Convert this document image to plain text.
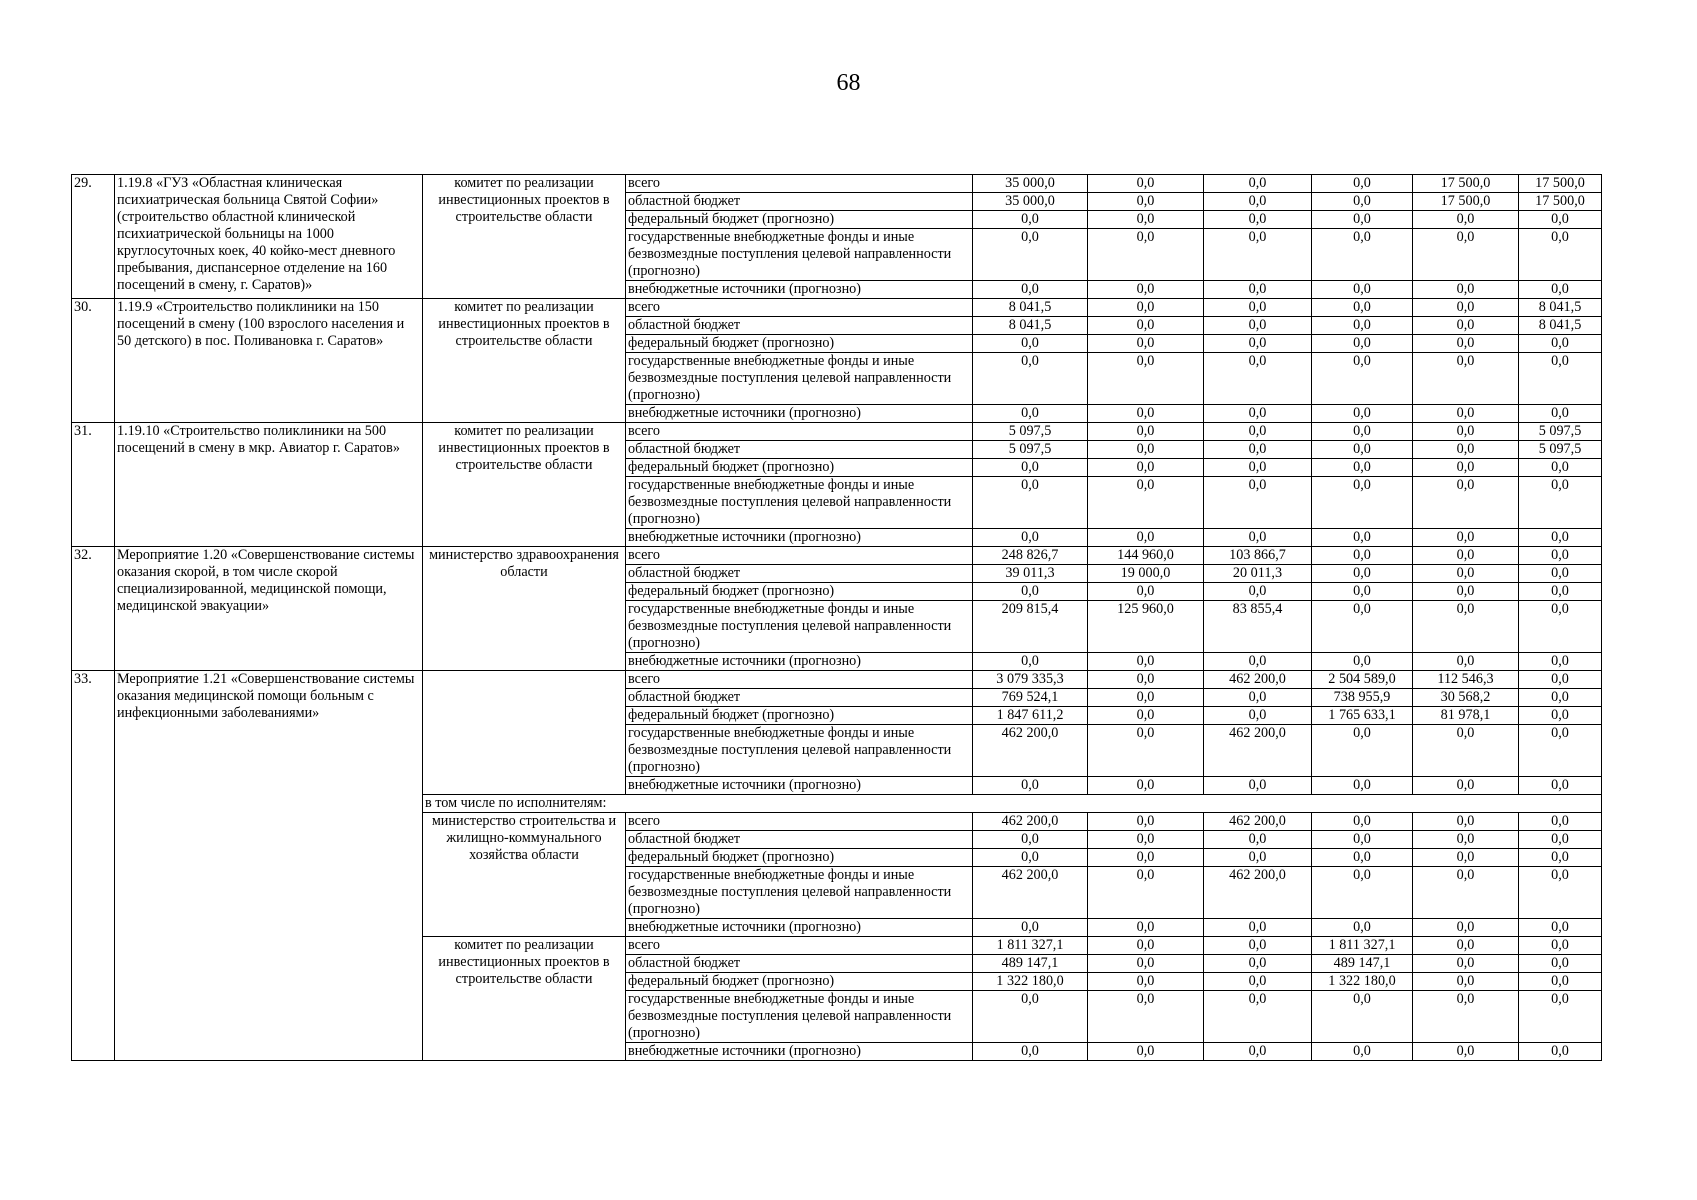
68
29.	1.19.8 «ГУЗ «Областная клиническая психиатрическая больница Святой Софии» (строительство областной клинической психиатрической больницы на 1000 круглосуточных коек, 40 койко-мест дневного пребывания, диспансерное отделение на 160 посещений в смену, г. Саратов)»	комитет по реализации инвестиционных проектов в строительстве области	всего	35 000,0	0,0	0,0	0,0	17 500,0	17 500,0
			областной бюджет	35 000,0	0,0	0,0	0,0	17 500,0	17 500,0
			федеральный бюджет (прогнозно)	0,0	0,0	0,0	0,0	0,0	0,0
			государственные внебюджетные фонды и иные безвозмездные поступления целевой направленности (прогнозно)	0,0	0,0	0,0	0,0	0,0	0,0
			внебюджетные источники (прогнозно)	0,0	0,0	0,0	0,0	0,0	0,0
30.	1.19.9 «Строительство поликлиники на 150 посещений в смену (100 взрослого населения и 50 детского) в пос. Поливановка г. Саратов»	комитет по реализации инвестиционных проектов в строительстве области	всего	8 041,5	0,0	0,0	0,0	0,0	8 041,5
			областной бюджет	8 041,5	0,0	0,0	0,0	0,0	8 041,5
			федеральный бюджет (прогнозно)	0,0	0,0	0,0	0,0	0,0	0,0
			государственные внебюджетные фонды и иные безвозмездные поступления целевой направленности (прогнозно)	0,0	0,0	0,0	0,0	0,0	0,0
			внебюджетные источники (прогнозно)	0,0	0,0	0,0	0,0	0,0	0,0
31.	1.19.10 «Строительство поликлиники на 500 посещений в смену в мкр. Авиатор г. Саратов»	комитет по реализации инвестиционных проектов в строительстве области	всего	5 097,5	0,0	0,0	0,0	0,0	5 097,5
			областной бюджет	5 097,5	0,0	0,0	0,0	0,0	5 097,5
			федеральный бюджет (прогнозно)	0,0	0,0	0,0	0,0	0,0	0,0
			государственные внебюджетные фонды и иные безвозмездные поступления целевой направленности (прогнозно)	0,0	0,0	0,0	0,0	0,0	0,0
			внебюджетные источники (прогнозно)	0,0	0,0	0,0	0,0	0,0	0,0
32.	Мероприятие 1.20 «Совершенствование системы оказания скорой, в том числе скорой специализированной, медицинской помощи, медицинской эвакуации»	министерство здравоохранения области	всего	248 826,7	144 960,0	103 866,7	0,0	0,0	0,0
			областной бюджет	39 011,3	19 000,0	20 011,3	0,0	0,0	0,0
			федеральный бюджет (прогнозно)	0,0	0,0	0,0	0,0	0,0	0,0
			государственные внебюджетные фонды и иные безвозмездные поступления целевой направленности (прогнозно)	209 815,4	125 960,0	83 855,4	0,0	0,0	0,0
			внебюджетные источники (прогнозно)	0,0	0,0	0,0	0,0	0,0	0,0
33.	Мероприятие 1.21 «Совершенствование системы оказания медицинской помощи больным с инфекционными заболеваниями»		всего	3 079 335,3	0,0	462 200,0	2 504 589,0	112 546,3	0,0
			областной бюджет	769 524,1	0,0	0,0	738 955,9	30 568,2	0,0
			федеральный бюджет (прогнозно)	1 847 611,2	0,0	0,0	1 765 633,1	81 978,1	0,0
			государственные внебюджетные фонды и иные безвозмездные поступления целевой направленности (прогнозно)	462 200,0	0,0	462 200,0	0,0	0,0	0,0
			внебюджетные источники (прогнозно)	0,0	0,0	0,0	0,0	0,0	0,0
		в том числе по исполнителям:							
		министерство строительства и жилищно-коммунального хозяйства области	всего	462 200,0	0,0	462 200,0	0,0	0,0	0,0
			областной бюджет	0,0	0,0	0,0	0,0	0,0	0,0
			федеральный бюджет (прогнозно)	0,0	0,0	0,0	0,0	0,0	0,0
			государственные внебюджетные фонды и иные безвозмездные поступления целевой направленности (прогнозно)	462 200,0	0,0	462 200,0	0,0	0,0	0,0
			внебюджетные источники (прогнозно)	0,0	0,0	0,0	0,0	0,0	0,0
		комитет по реализации инвестиционных проектов в строительстве области	всего	1 811 327,1	0,0	0,0	1 811 327,1	0,0	0,0
			областной бюджет	489 147,1	0,0	0,0	489 147,1	0,0	0,0
			федеральный бюджет (прогнозно)	1 322 180,0	0,0	0,0	1 322 180,0	0,0	0,0
			государственные внебюджетные фонды и иные безвозмездные поступления целевой направленности (прогнозно)	0,0	0,0	0,0	0,0	0,0	0,0
			внебюджетные источники (прогнозно)	0,0	0,0	0,0	0,0	0,0	0,0
